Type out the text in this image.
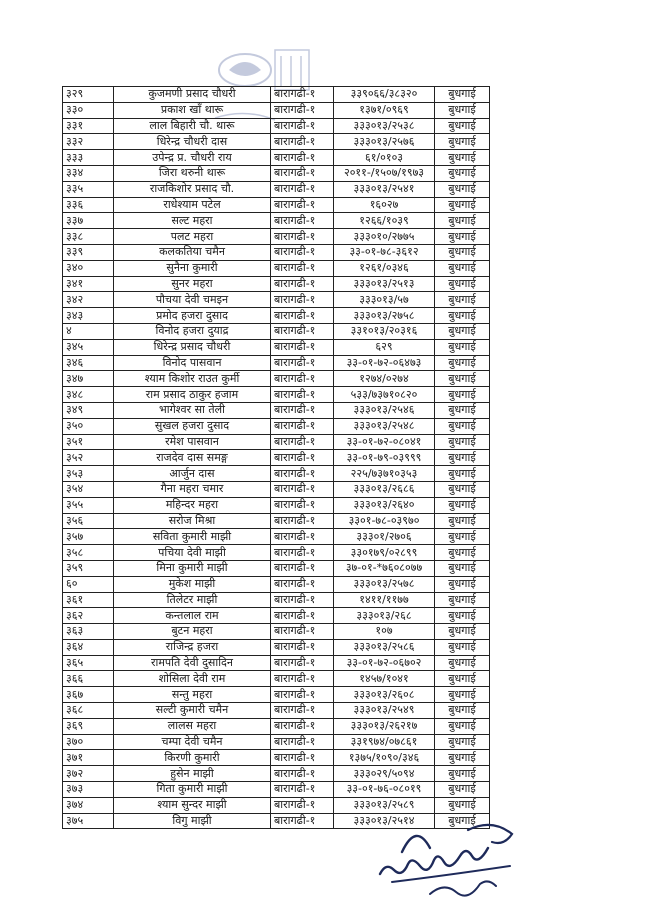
३२९	कुजमणी प्रसाद चौधरी	बारागढी-१	३३९०६६/३८३२०	बुधगाई
३३०	प्रकाश खाँ थारू	बारागढी-१	१३७१/०९६९	बुधगाई
३३१	लाल बिहारी चौ. थारू	बारागढी-१	३३३०१३/२५३८	बुधगाई
३३२	धिरेन्द्र चौधरी दास	बारागढी-१	३३३०१३/२५७६	बुधगाई
३३३	उपेन्द्र प्र. चौधरी राय	बारागढी-१	६१/०१०३	बुधगाई
३३४	जिरा थरुनी थारू	बारागढी-१	२०११-/१५०७/१९७३	बुधगाई
३३५	राजकिशोर प्रसाद चौ.	बारागढी-१	३३३०१३/२५४१	बुधगाई
३३६	राधेश्याम पटेल	बारागढी-१	१६०२७	बुधगाई
३३७	सल्ट महरा	बारागढी-१	१२६६/१०३९	बुधगाई
३३८	पलट महरा	बारागढी-१	३३३०१०/२७७५	बुधगाई
३३९	कलकतिया चमैन	बारागढी-१	३३-०१-७८-३६१२	बुधगाई
३४०	सुनैना कुमारी	बारागढी-१	१२६१/०३४६	बुधगाई
३४१	सुनर महरा	बारागढी-१	३३३०१३/२५१३	बुधगाई
३४२	पौचया देवी चमइन	बारागढी-१	३३३०१३/५७	बुधगाई
३४३	प्रमोद हजरा दुसाद	बारागढी-१	३३३०१३/२७५८	बुधगाई
४	विनोद हजरा दुयाद्र	बारागढी-१	३३१०१३/२०३१६	बुधगाई
३४५	धिरेन्द्र प्रसाद चौधरी	बारागढी-१	६२९	बुधगाई
३४६	विनोद पासवान	बारागढी-१	३३-०१-७२-०६४७३	बुधगाई
३४७	श्याम किशोर राउत कुर्मी	बारागढी-१	१२७४/०२७४	बुधगाई
३४८	राम प्रसाद ठाकुर हजाम	बारागढी-१	५३३/७३७१०८२०	बुधगाई
३४९	भागेश्वर सा तेली	बारागढी-१	३३३०१३/२५४६	बुधगाई
३५०	सुखल हजरा दुसाद	बारागढी-१	३३३०१३/२५४८	बुधगाई
३५१	रमेश पासवान	बारागढी-१	३३-०१-७२-०८०४१	बुधगाई
३५२	राजदेव दास समङ्ग	बारागढी-१	३३-०१-७९-०३९९९	बुधगाई
३५३	आर्जुन दास	बारागढी-१	२२५/७३७१०३५३	बुधगाई
३५४	गैना महरा चमार	बारागढी-१	३३३०१३/२६८६	बुधगाई
३५५	महिन्दर महरा	बारागढी-१	३३३०१३/२६४०	बुधगाई
३५६	सरोज मिश्रा	बारागढी-१	३३०१-७८-०३९७०	बुधगाई
३५७	सविता कुमारी माझी	बारागढी-१	३३३०१/२७०६	बुधगाई
३५८	पचिया देवी माझी	बारागढी-१	३३०१७९/०२८९९	बुधगाई
३५९	मिना कुमारी माझी	बारागढी-१	३७-०१-*७६०८०७७	बुधगाई
६०	मुकेश माझी	बारागढी-१	३३३०१३/२५७८	बुधगाई
३६१	तिलेटर माझी	बारागढी-१	१४११/११७७	बुधगाई
३६२	कन्तलाल राम	बारागढी-१	३३३०१३/२६८	बुधगाई
३६३	बुटन महरा	बारागढी-१	१०७	बुधगाई
३६४	राजिन्द्र हजरा	बारागढी-१	३३३०१३/२५८६	बुधगाई
३६५	रामपति देवी दुसादिन	बारागढी-१	३३-०१-७२-०६७०२	बुधगाई
३६६	शोसिला देवी राम	बारागढी-१	१४५७/१०४१	बुधगाई
३६७	सन्तु महरा	बारागढी-१	३३३०१३/२६०८	बुधगाई
३६८	सल्टी कुमारी चमैन	बारागढी-१	३३३०१३/२५४९	बुधगाई
३६९	लालस महरा	बारागढी-१	३३३०१३/२६२१७	बुधगाई
३७०	चम्पा देवी चमैन	बारागढी-१	३३१९७४/०७८६१	बुधगाई
३७१	किरणी कुमारी	बारागढी-१	१३७५/१०९०/३४६	बुधगाई
३७२	हुसेन माझी	बारागढी-१	३३३०२९/५०९४	बुधगाई
३७३	गिता कुमारी माझी	बारागढी-१	३३-०१-७६-०८०१९	बुधगाई
३७४	श्याम सुन्दर माझी	बारागढी-१	३३३०१३/२५८९	बुधगाई
३७५	विगु माझी	बारागढी-१	३३३०१३/२५१४	बुधगाई
